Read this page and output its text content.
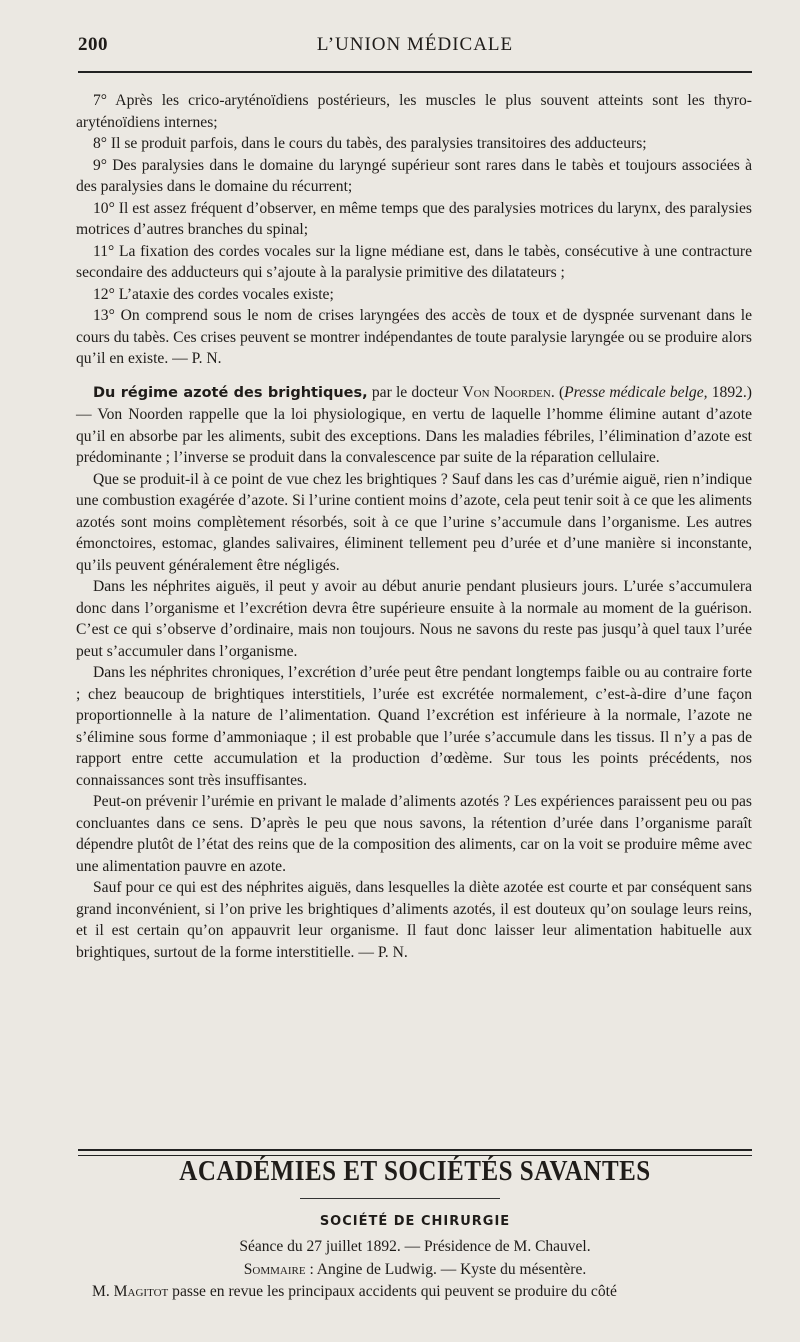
200	L’UNION MÉDICALE

7° Après les crico-aryténoïdiens postérieurs, les muscles le plus souvent atteints sont les thyro-aryténoïdiens internes;

8° Il se produit parfois, dans le cours du tabès, des paralysies transitoires des adducteurs;

9° Des paralysies dans le domaine du laryngé supérieur sont rares dans le tabès et toujours associées à des paralysies dans le domaine du récurrent;

10° Il est assez fréquent d’observer, en même temps que des paralysies motrices du larynx, des paralysies motrices d’autres branches du spinal;

11° La fixation des cordes vocales sur la ligne médiane est, dans le tabès, consécutive à une contracture secondaire des adducteurs qui s’ajoute à la paralysie primitive des dilatateurs ;

12° L’ataxie des cordes vocales existe;

13° On comprend sous le nom de crises laryngées des accès de toux et de dyspnée survenant dans le cours du tabès. Ces crises peuvent se montrer indépendantes de toute paralysie laryngée ou se produire alors qu’il en existe. — P. N.

Du régime azoté des brightiques, par le docteur Von Noorden. (Presse médicale belge, 1892.) — Von Noorden rappelle que la loi physiologique, en vertu de laquelle l’homme élimine autant d’azote qu’il en absorbe par les aliments, subit des exceptions. Dans les maladies fébriles, l’élimination d’azote est prédominante ; l’inverse se produit dans la convalescence par suite de la réparation cellulaire.

Que se produit-il à ce point de vue chez les brightiques ? Sauf dans les cas d’urémie aiguë, rien n’indique une combustion exagérée d’azote. Si l’urine contient moins d’azote, cela peut tenir soit à ce que les aliments azotés sont moins complètement résorbés, soit à ce que l’urine s’accumule dans l’organisme. Les autres émonctoires, estomac, glandes salivaires, éliminent tellement peu d’urée et d’une manière si inconstante, qu’ils peuvent généralement être négligés.

Dans les néphrites aiguës, il peut y avoir au début anurie pendant plusieurs jours. L’urée s’accumulera donc dans l’organisme et l’excrétion devra être supérieure ensuite à la normale au moment de la guérison. C’est ce qui s’observe d’ordinaire, mais non toujours. Nous ne savons du reste pas jusqu’à quel taux l’urée peut s’accumuler dans l’organisme.

Dans les néphrites chroniques, l’excrétion d’urée peut être pendant longtemps faible ou au contraire forte ; chez beaucoup de brightiques interstitiels, l’urée est excrétée normalement, c’est-à-dire d’une façon proportionnelle à la nature de l’alimentation. Quand l’excrétion est inférieure à la normale, l’azote ne s’élimine sous forme d’ammoniaque ; il est probable que l’urée s’accumule dans les tissus. Il n’y a pas de rapport entre cette accumulation et la production d’œdème. Sur tous les points précédents, nos connaissances sont très insuffisantes.

Peut-on prévenir l’urémie en privant le malade d’aliments azotés ? Les expériences paraissent peu ou pas concluantes dans ce sens. D’après le peu que nous savons, la rétention d’urée dans l’organisme paraît dépendre plutôt de l’état des reins que de la composition des aliments, car on la voit se produire même avec une alimentation pauvre en azote.

Sauf pour ce qui est des néphrites aiguës, dans lesquelles la diète azotée est courte et par conséquent sans grand inconvénient, si l’on prive les brightiques d’aliments azotés, il est douteux qu’on soulage leurs reins, et il est certain qu’on appauvrit leur organisme. Il faut donc laisser leur alimentation habituelle aux brightiques, surtout de la forme interstitielle. — P. N.

ACADÉMIES ET SOCIÉTÉS SAVANTES
SOCIÉTÉ DE CHIRURGIE
Séance du 27 juillet 1892. — Présidence de M. Chauvel.
Sommaire : Angine de Ludwig. — Kyste du mésentère.
M. Magitot passe en revue les principaux accidents qui peuvent se produire du côté
